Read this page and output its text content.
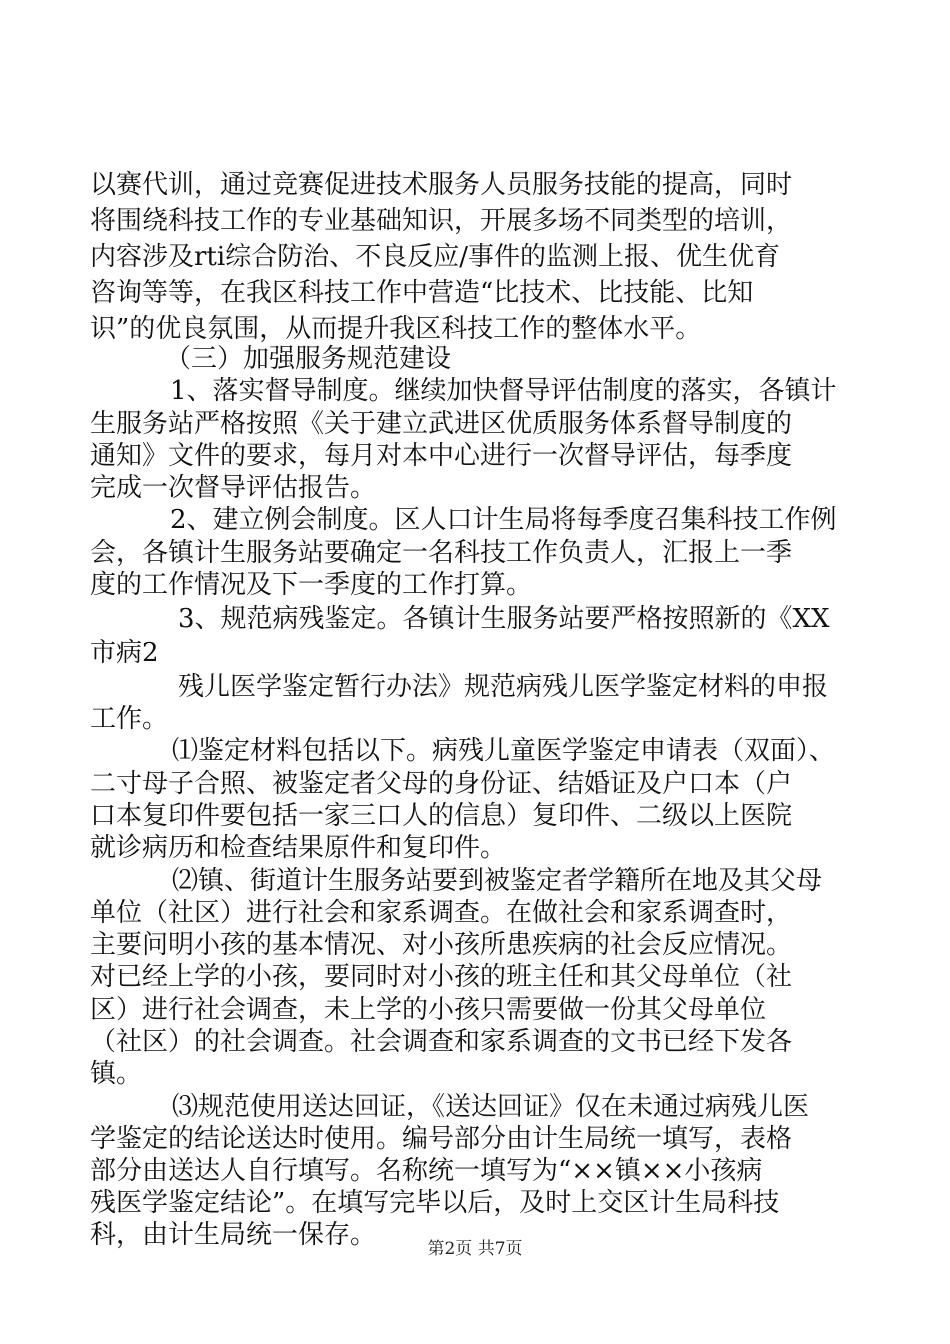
以赛代训，通过竞赛促进技术服务人员服务技能的提高，同时
将围绕科技工作的专业基础知识，开展多场不同类型的培训，
内容涉及rti综合防治、不良反应/事件的监测上报、优生优育
咨询等等，在我区科技工作中营造“比技术、比技能、比知
识”的优良氛围，从而提升我区科技工作的整体水平。
（三）加强服务规范建设
1、落实督导制度。继续加快督导评估制度的落实，各镇计
生服务站严格按照《关于建立武进区优质服务体系督导制度的
通知》文件的要求，每月对本中心进行一次督导评估，每季度
完成一次督导评估报告。
2、建立例会制度。区人口计生局将每季度召集科技工作例
会，各镇计生服务站要确定一名科技工作负责人，汇报上一季
度的工作情况及下一季度的工作打算。
3、规范病残鉴定。各镇计生服务站要严格按照新的《XX
市病2
残儿医学鉴定暂行办法》规范病残儿医学鉴定材料的申报
工作。
⑴鉴定材料包括以下。病残儿童医学鉴定申请表（双面）、
二寸母子合照、被鉴定者父母的身份证、结婚证及户口本（户
口本复印件要包括一家三口人的信息）复印件、二级以上医院
就诊病历和检查结果原件和复印件。
⑵镇、街道计生服务站要到被鉴定者学籍所在地及其父母
单位（社区）进行社会和家系调查。在做社会和家系调查时，
主要问明小孩的基本情况、对小孩所患疾病的社会反应情况。
对已经上学的小孩，要同时对小孩的班主任和其父母单位（社
区）进行社会调查，未上学的小孩只需要做一份其父母单位
（社区）的社会调查。社会调查和家系调查的文书已经下发各
镇。
⑶规范使用送达回证，《送达回证》仅在未通过病残儿医
学鉴定的结论送达时使用。编号部分由计生局统一填写，表格
部分由送达人自行填写。名称统一填写为“××镇××小孩病
残医学鉴定结论”。在填写完毕以后，及时上交区计生局科技
科，由计生局统一保存。	第2页 共7页
